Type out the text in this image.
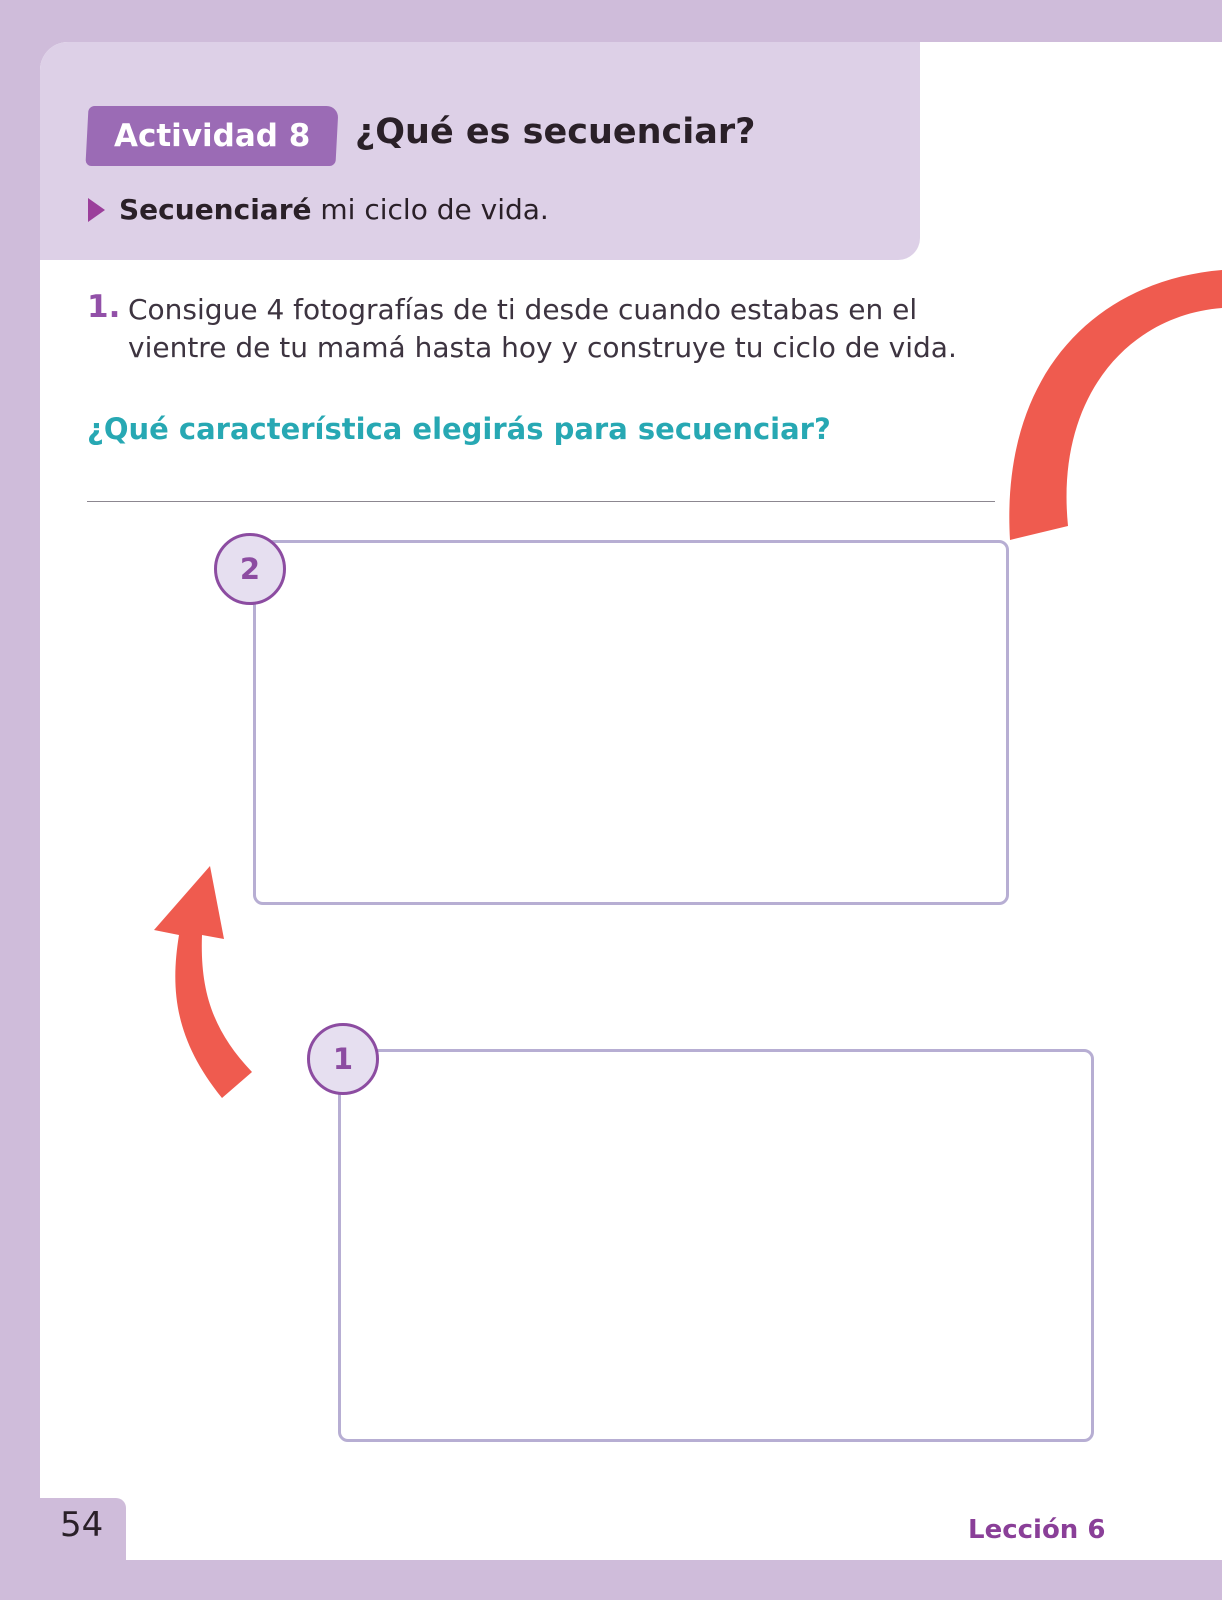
Actividad 8	¿Qué es secuenciar?
Secuenciaré mi ciclo de vida.
1. Consigue 4 fotografías de ti desde cuando estabas en el
vientre de tu mamá hasta hoy y construye tu ciclo de vida.
¿Qué característica elegirás para secuenciar?
2
1
54	Lección 6
